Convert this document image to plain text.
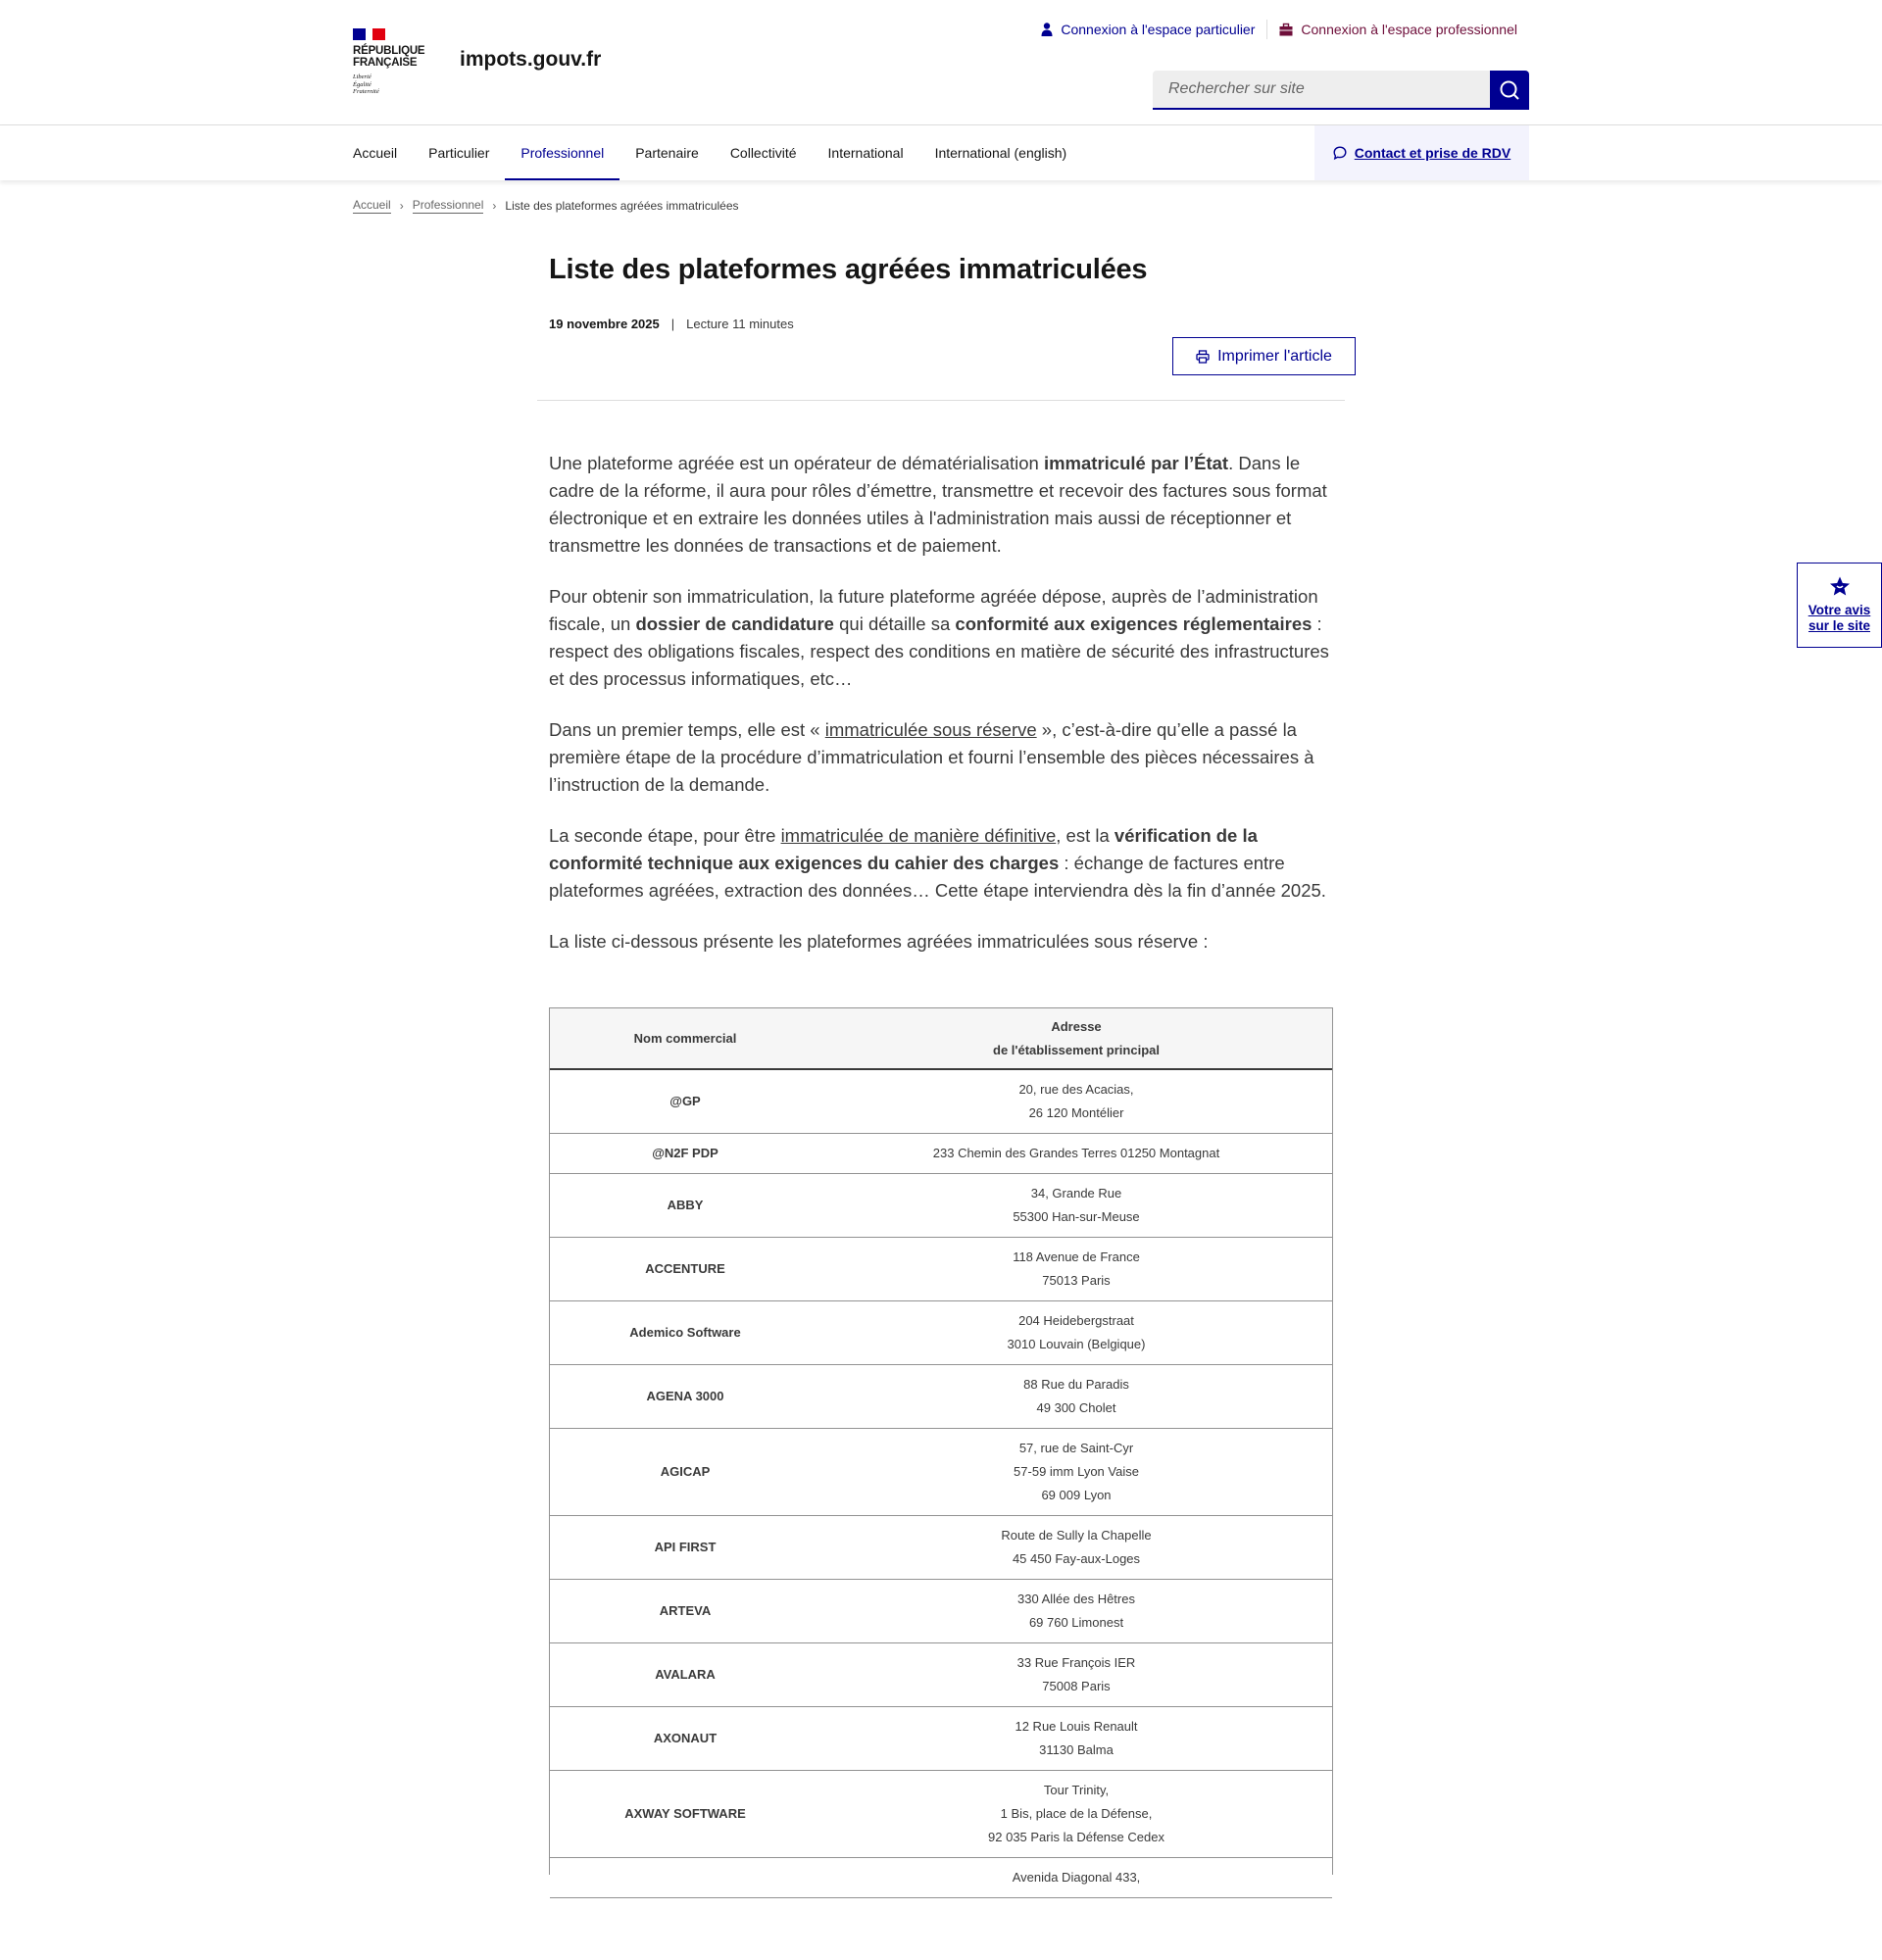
RÉPUBLIQUE
FRANÇAISE
Liberté
Égalité
Fraternité
impots.gouv.fr
Connexion à l'espace particulier	Connexion à l'espace professionnel
Rechercher sur site
Accueil	Particulier	Professionnel	Partenaire	Collectivité	International	International (english)	Contact et prise de RDV
Accueil › Professionnel › Liste des plateformes agréées immatriculées
Liste des plateformes agréées immatriculées
19 novembre 2025 | Lecture 11 minutes
Imprimer l'article

Une plateforme agréée est un opérateur de dématérialisation immatriculé par l’État. Dans le cadre de la réforme, il aura pour rôles d’émettre, transmettre et recevoir des factures sous format électronique et en extraire les données utiles à l'administration mais aussi de réceptionner et transmettre les données de transactions et de paiement.

Pour obtenir son immatriculation, la future plateforme agréée dépose, auprès de l’administration fiscale, un dossier de candidature qui détaille sa conformité aux exigences réglementaires : respect des obligations fiscales, respect des conditions en matière de sécurité des infrastructures et des processus informatiques, etc…

Dans un premier temps, elle est « immatriculée sous réserve », c’est-à-dire qu’elle a passé la première étape de la procédure d’immatriculation et fourni l’ensemble des pièces nécessaires à l’instruction de la demande.

La seconde étape, pour être immatriculée de manière définitive, est la vérification de la conformité technique aux exigences du cahier des charges : échange de factures entre plateformes agréées, extraction des données… Cette étape interviendra dès la fin d’année 2025.

La liste ci-dessous présente les plateformes agréées immatriculées sous réserve :

Nom commercial	Adresse
de l'établissement principal

@GP	20, rue des Acacias,
26 120 Montélier

@N2F PDP	233 Chemin des Grandes Terres 01250 Montagnat

ABBY	34, Grande Rue
55300 Han-sur-Meuse

ACCENTURE	118 Avenue de France
75013 Paris

Ademico Software	204 Heidebergstraat
3010 Louvain (Belgique)

AGENA 3000	88 Rue du Paradis
49 300 Cholet

AGICAP	57, rue de Saint-Cyr
57-59 imm Lyon Vaise
69 009 Lyon

API FIRST	Route de Sully la Chapelle
45 450 Fay-aux-Loges

ARTEVA	330 Allée des Hêtres
69 760 Limonest

AVALARA	33 Rue François IER
75008 Paris

AXONAUT	12 Rue Louis Renault
31130 Balma

AXWAY SOFTWARE	Tour Trinity,
1 Bis, place de la Défense,
92 035 Paris la Défense Cedex

	Avenida Diagonal 433,
Votre avis
sur le site
